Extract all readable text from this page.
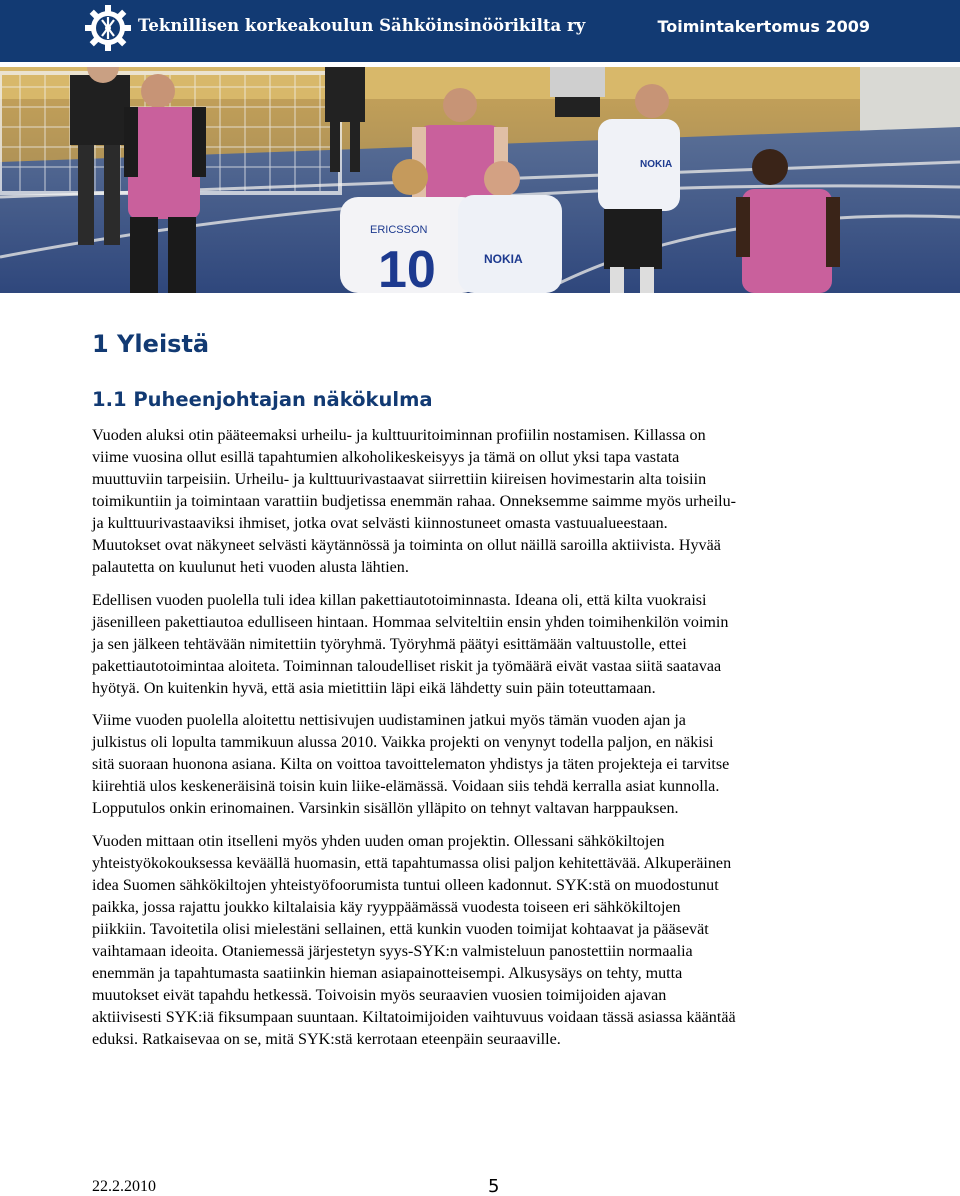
Teknillisen korkeakoulun Sähköinsinöörikilta ry	Toimintakertomus 2009
10
ERICSSON
NOKIA
NOKIA
1 Yleistä
1.1 Puheenjohtajan näkökulma

Vuoden aluksi otin pääteemaksi urheilu- ja kulttuuritoiminnan profiilin nostamisen. Killassa on
viime vuosina ollut esillä tapahtumien alkoholikeskeisyys ja tämä on ollut yksi tapa vastata
muuttuviin tarpeisiin. Urheilu- ja kulttuurivastaavat siirrettiin kiireisen hovimestarin alta toisiin
toimikuntiin ja toimintaan varattiin budjetissa enemmän rahaa. Onneksemme saimme myös urheilu-
ja kulttuurivastaaviksi ihmiset, jotka ovat selvästi kiinnostuneet omasta vastuualueestaan.
Muutokset ovat näkyneet selvästi käytännössä ja toiminta on ollut näillä saroilla aktiivista. Hyvää
palautetta on kuulunut heti vuoden alusta lähtien.

Edellisen vuoden puolella tuli idea killan pakettiautotoiminnasta. Ideana oli, että kilta vuokraisi
jäsenilleen pakettiautoa edulliseen hintaan. Hommaa selviteltiin ensin yhden toimihenkilön voimin
ja sen jälkeen tehtävään nimitettiin työryhmä. Työryhmä päätyi esittämään valtuustolle, ettei
pakettiautotoimintaa aloiteta. Toiminnan taloudelliset riskit ja työmäärä eivät vastaa siitä saatavaa
hyötyä. On kuitenkin hyvä, että asia mietittiin läpi eikä lähdetty suin päin toteuttamaan.

Viime vuoden puolella aloitettu nettisivujen uudistaminen jatkui myös tämän vuoden ajan ja
julkistus oli lopulta tammikuun alussa 2010. Vaikka projekti on venynyt todella paljon, en näkisi
sitä suoraan huonona asiana. Kilta on voittoa tavoittelematon yhdistys ja täten projekteja ei tarvitse
kiirehtiä ulos keskeneräisinä toisin kuin liike-elämässä. Voidaan siis tehdä kerralla asiat kunnolla.
Lopputulos onkin erinomainen. Varsinkin sisällön ylläpito on tehnyt valtavan harppauksen.

Vuoden mittaan otin itselleni myös yhden uuden oman projektin. Ollessani sähkökiltojen
yhteistyökokouksessa keväällä huomasin, että tapahtumassa olisi paljon kehitettävää. Alkuperäinen
idea Suomen sähkökiltojen yhteistyöfoorumista tuntui olleen kadonnut. SYK:stä on muodostunut
paikka, jossa rajattu joukko kiltalaisia käy ryyppäämässä vuodesta toiseen eri sähkökiltojen
piikkiin. Tavoitetila olisi mielestäni sellainen, että kunkin vuoden toimijat kohtaavat ja pääsevät
vaihtamaan ideoita. Otaniemessä järjestetyn syys-SYK:n valmisteluun panostettiin normaalia
enemmän ja tapahtumasta saatiinkin hieman asiapainotteisempi. Alkusysäys on tehty, mutta
muutokset eivät tapahdu hetkessä. Toivoisin myös seuraavien vuosien toimijoiden ajavan
aktiivisesti SYK:iä fiksumpaan suuntaan. Kiltatoimijoiden vaihtuvuus voidaan tässä asiassa kääntää
eduksi. Ratkaisevaa on se, mitä SYK:stä kerrotaan eteenpäin seuraaville.

22.2.2010	5
